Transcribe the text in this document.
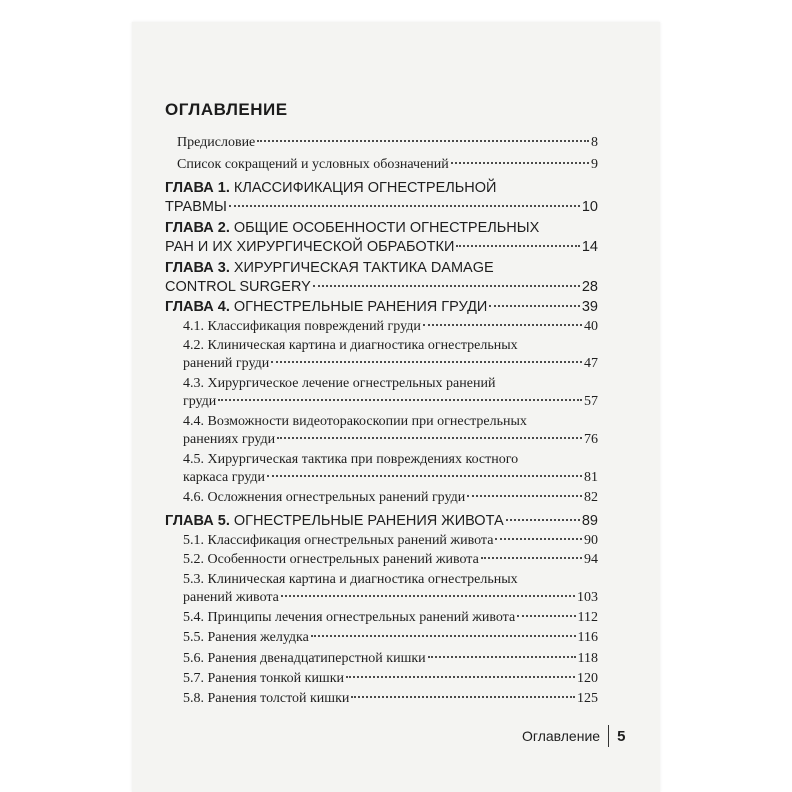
ОГЛАВЛЕНИЕ
Предисловие	8
Список сокращений и условных обозначений	9
ГЛАВА 1. КЛАССИФИКАЦИЯ ОГНЕСТРЕЛЬНОЙ
ТРАВМЫ	10
ГЛАВА 2. ОБЩИЕ ОСОБЕННОСТИ ОГНЕСТРЕЛЬНЫХ
РАН И ИХ ХИРУРГИЧЕСКОЙ ОБРАБОТКИ	14
ГЛАВА 3. ХИРУРГИЧЕСКАЯ ТАКТИКА DAMAGE
CONTROL SURGERY	28
ГЛАВА 4. ОГНЕСТРЕЛЬНЫЕ РАНЕНИЯ ГРУДИ	39
4.1. Классификация повреждений груди	40
4.2. Клиническая картина и диагностика огнестрельных
ранений груди	47
4.3. Хирургическое лечение огнестрельных ранений
груди	57
4.4. Возможности видеоторакоскопии при огнестрельных
ранениях груди	76
4.5. Хирургическая тактика при повреждениях костного
каркаса груди	81
4.6. Осложнения огнестрельных ранений груди	82
ГЛАВА 5. ОГНЕСТРЕЛЬНЫЕ РАНЕНИЯ ЖИВОТА	89
5.1. Классификация огнестрельных ранений живота	90
5.2. Особенности огнестрельных ранений живота	94
5.3. Клиническая картина и диагностика огнестрельных
ранений живота	103
5.4. Принципы лечения огнестрельных ранений живота	112
5.5. Ранения желудка	116
5.6. Ранения двенадцатиперстной кишки	118
5.7. Ранения тонкой кишки	120
5.8. Ранения толстой кишки	125
Оглавление 5
